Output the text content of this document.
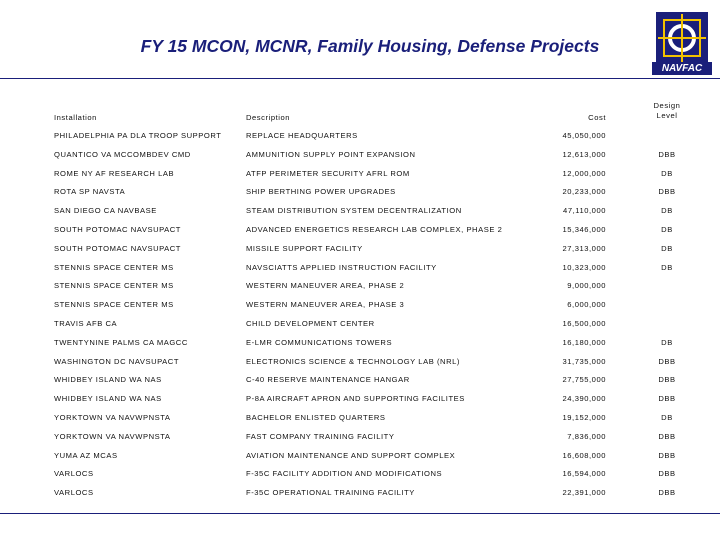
FY 15 MCON, MCNR, Family Housing, Defense Projects
NAVFAC
Installation	Description	Cost
Design
Level
PHILADELPHIA PA DLA TROOP SUPPORT	REPLACE HEADQUARTERS	45,050,000
QUANTICO VA MCCOMBDEV CMD	AMMUNITION SUPPLY POINT EXPANSION	12,613,000	DBB
ROME NY AF RESEARCH LAB	ATFP PERIMETER SECURITY AFRL ROM	12,000,000	DB
ROTA SP NAVSTA	SHIP BERTHING POWER UPGRADES	20,233,000	DBB
SAN DIEGO CA NAVBASE	STEAM DISTRIBUTION SYSTEM DECENTRALIZATION	47,110,000	DB
SOUTH POTOMAC NAVSUPACT	ADVANCED ENERGETICS RESEARCH LAB COMPLEX, PHASE 2	15,346,000	DB
SOUTH POTOMAC NAVSUPACT	MISSILE SUPPORT FACILITY	27,313,000	DB
STENNIS SPACE CENTER MS	NAVSCIATTS APPLIED INSTRUCTION FACILITY	10,323,000	DB
STENNIS SPACE CENTER MS	WESTERN MANEUVER AREA, PHASE 2	9,000,000
STENNIS SPACE CENTER MS	WESTERN MANEUVER AREA, PHASE 3	6,000,000
TRAVIS AFB CA	CHILD DEVELOPMENT CENTER	16,500,000
TWENTYNINE PALMS CA MAGCC	E-LMR COMMUNICATIONS TOWERS	16,180,000	DB
WASHINGTON DC NAVSUPACT	ELECTRONICS SCIENCE & TECHNOLOGY LAB (NRL)	31,735,000	DBB
WHIDBEY ISLAND WA NAS	C-40 RESERVE MAINTENANCE HANGAR	27,755,000	DBB
WHIDBEY ISLAND WA NAS	P-8A AIRCRAFT APRON AND SUPPORTING FACILITES	24,390,000	DBB
YORKTOWN VA NAVWPNSTA	BACHELOR ENLISTED QUARTERS	19,152,000	DB
YORKTOWN VA NAVWPNSTA	FAST COMPANY TRAINING FACILITY	7,836,000	DBB
YUMA AZ MCAS	AVIATION MAINTENANCE AND SUPPORT COMPLEX	16,608,000	DBB
VARLOCS	F-35C FACILITY ADDITION AND MODIFICATIONS	16,594,000	DBB
VARLOCS	F-35C OPERATIONAL TRAINING FACILITY	22,391,000	DBB
